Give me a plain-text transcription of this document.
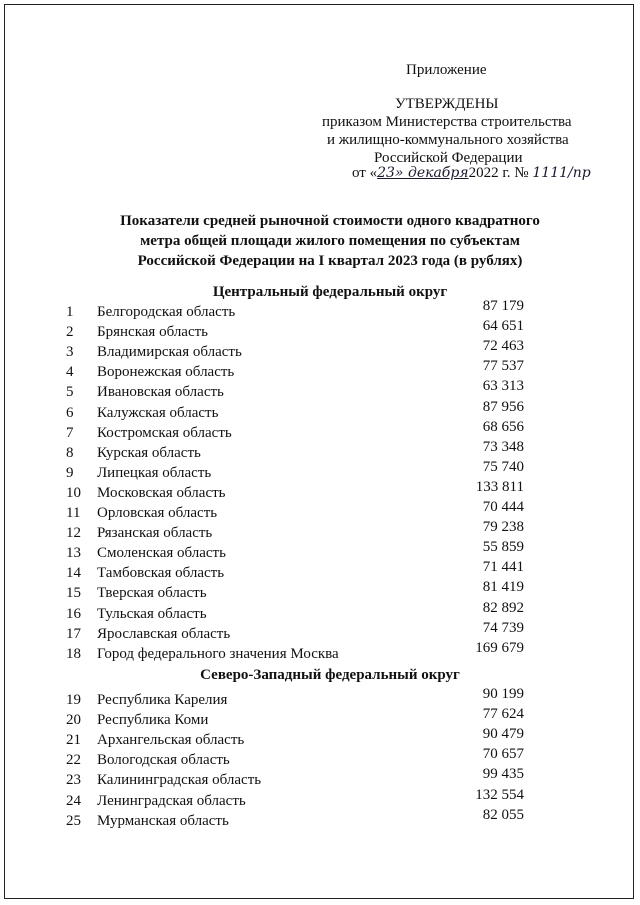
Приложение
УТВЕРЖДЕНЫ
приказом Министерства строительства
и жилищно-коммунального хозяйства
Российской Федерации
от «23» декабря2022 г. № 1111/пр
Показатели средней рыночной стоимости одного квадратного
метра общей площади жилого помещения по субъектам
Российской Федерации на I квартал 2023 года (в рублях)
Центральный федеральный округ
1	Белгородская область	87 179
2	Брянская область	64 651
3	Владимирская область	72 463
4	Воронежская область	77 537
5	Ивановская область	63 313
6	Калужская область	87 956
7	Костромская область	68 656
8	Курская область	73 348
9	Липецкая область	75 740
10	Московская область	133 811
11	Орловская область	70 444
12	Рязанская область	79 238
13	Смоленская область	55 859
14	Тамбовская область	71 441
15	Тверская область	81 419
16	Тульская область	82 892
17	Ярославская область	74 739
18	Город федерального значения Москва	169 679
Северо-Западный федеральный округ
19	Республика Карелия	90 199
20	Республика Коми	77 624
21	Архангельская область	90 479
22	Вологодская область	70 657
23	Калининградская область	99 435
24	Ленинградская область	132 554
25	Мурманская область	82 055
